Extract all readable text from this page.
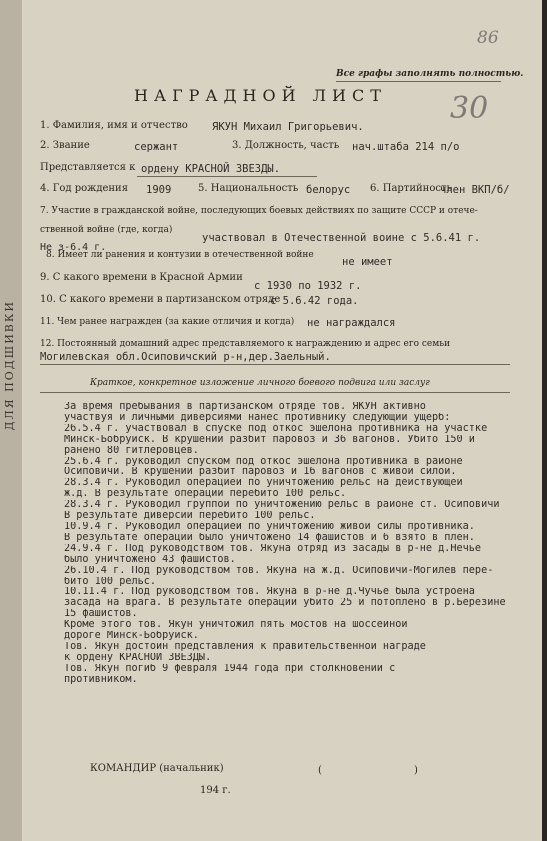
ДЛЯ ПОДШИВКИ
86
Все графы заполнять полностью.
НАГРАДНОЙ ЛИСТ 30
1. Фамилия, имя и отчество ЯКУН Михаил Григорьевич.
2. Звание	сержант	3. Должность, часть нач.штаба 214 п/о
Представляется к ордену КРАСНОЙ ЗВЕЗДЫ.
4. Год рождения 1909	5. Национальность белорус 6. Партийность
член ВКП/б/
7. Участие в гражданской войне, последующих боевых действиях по защите СССР и отече-
ственной войне (где, когда)
участвовал в Отечественной воине с 5.6.41 г.
Не з-6.4 г.
8. Имеет ли ранения и контузии в отечественной войне
не имеет
9. С какого времени в Красной Армии
с 1930 по 1932 г.
10. С какого времени в партизанском отряде
с 5.6.42 года.
11. Чем ранее награжден (за какие отличия и когда) не награждался
12. Постоянный домашний адрес представляемого к награждению и адрес его семьи
Могилевская обл.Осиповичский р-н,дер.Заельный.
Краткое, конкретное изложение личного боевого подвига или заслуг
За время пребывания в партизанском отряде тов. ЯКУН активно
участвуя и личными диверсиями нанес противнику следующий ущерб:
26.5.4 г. участвовал в спуске под откос эшелона противника на участке
Минск-Бобруйск. В крушении разбит паровоз и 36 вагонов. Убито 150 и
ранено 80 гитлеровцев.
25.6.4 г. руководил спуском под откос эшелона противника в районе
Осиповичи. В крушении разбит паровоз и 16 вагонов с живой силой.
28.3.4 г. Руководил операцией по уничтожению рельс на действующей
ж.д. В результате операции перебито 100 рельс.
28.3.4 г. Руководил группой по уничтожению рельс в районе ст. Осиповичи
В результате диверсии перебито 100 рельс.
10.9.4 г. Руководил операцией по уничтожению живой силы противника.
В результате операции было уничтожено 14 фашистов и 6 взято в плен.
24.9.4 г. Под руководством тов. Якуна отряд из засады в р-не д.Нечье
было уничтожено 43 фашистов.
26.10.4 г. Под руководством тов. Якуна на ж.д. Осиповичи-Могилев пере-
бито 100 рельс.
10.11.4 г. Под руководством тов. Якуна в р-не д.Чучье была устроена
засада на врага. В результате операции убито 25 и потоплено в р.Березине
15 фашистов.
Кроме этого тов. Якун уничтожил пять мостов на шоссейной
дороге Минск-Бобруйск.
Тов. Якун достоин представления к правительственной награде
к ордену КРАСНОЙ ЗВЕЗДЫ.
Тов. Якун погиб 9 февраля 1944 года при столкновении с
противником.
КОМАНДИР (начальник)	(	)
194 г.
